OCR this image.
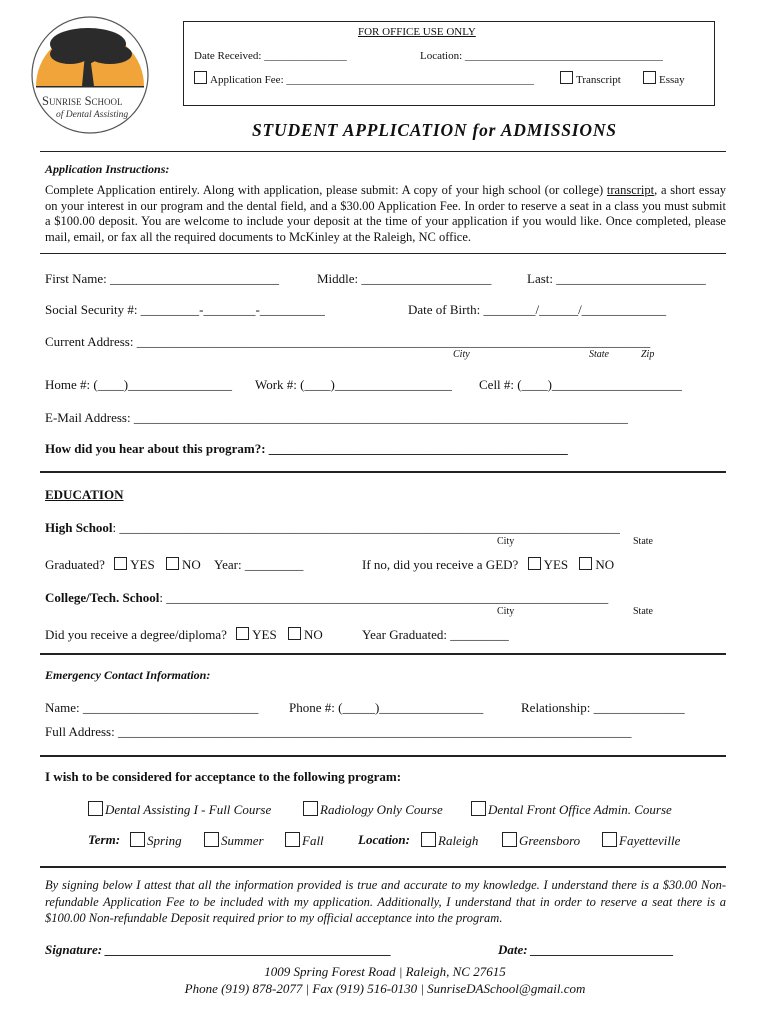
Sunrise School
of Dental Assisting
FOR OFFICE USE ONLY
Date Received: _______________	Location: ____________________________________
Application Fee: _____________________________________________	Transcript	Essay
STUDENT APPLICATION for ADMISSIONS
Application Instructions:
Complete Application entirely. Along with application, please submit: A copy of your high school (or college) transcript, a short essay on your interest in our program and the dental field, and a $30.00 Application Fee. In order to reserve a seat in a class you must submit a $100.00 deposit. You are welcome to include your deposit at the time of your application if you would like. Once completed, please mail, email, or fax all the required documents to McKinley at the Raleigh, NC office.
First Name: __________________________	Middle: ____________________	Last: _______________________
Social Security #: _________-________-__________	Date of Birth: ________/______/_____________
Current Address: _______________________________________________________________________________
City	State	Zip
Home #: (____)________________ Work #: (____)__________________ Cell #: (____)____________________
E-Mail Address: ____________________________________________________________________________
How did you hear about this program?: ______________________________________________
EDUCATION
High School: _____________________________________________________________________________
City	State
Graduated? YES NO Year: _________	If no, did you receive a GED? YES NO
College/Tech. School: ____________________________________________________________________
City	State
Did you receive a degree/diploma? YES NO	Year Graduated: _________
Emergency Contact Information:
Name: ___________________________ Phone #: (_____)________________	Relationship: ______________
Full Address: _______________________________________________________________________________
I wish to be considered for acceptance to the following program:
Dental Assisting I - Full Course	Radiology Only Course	Dental Front Office Admin. Course
Term:	Spring	Summer	Fall	Location:	Raleigh	Greensboro	Fayetteville
By signing below I attest that all the information provided is true and accurate to my knowledge. I understand there is a $30.00 Non-refundable Application Fee to be included with my application. Additionally, I understand that in order to reserve a seat there is a $100.00 Non-refundable Deposit required prior to my official acceptance into the program.
Signature: ____________________________________________	Date: ______________________
1009 Spring Forest Road | Raleigh, NC 27615
Phone (919) 878-2077 | Fax (919) 516-0130 | SunriseDASchool@gmail.com
